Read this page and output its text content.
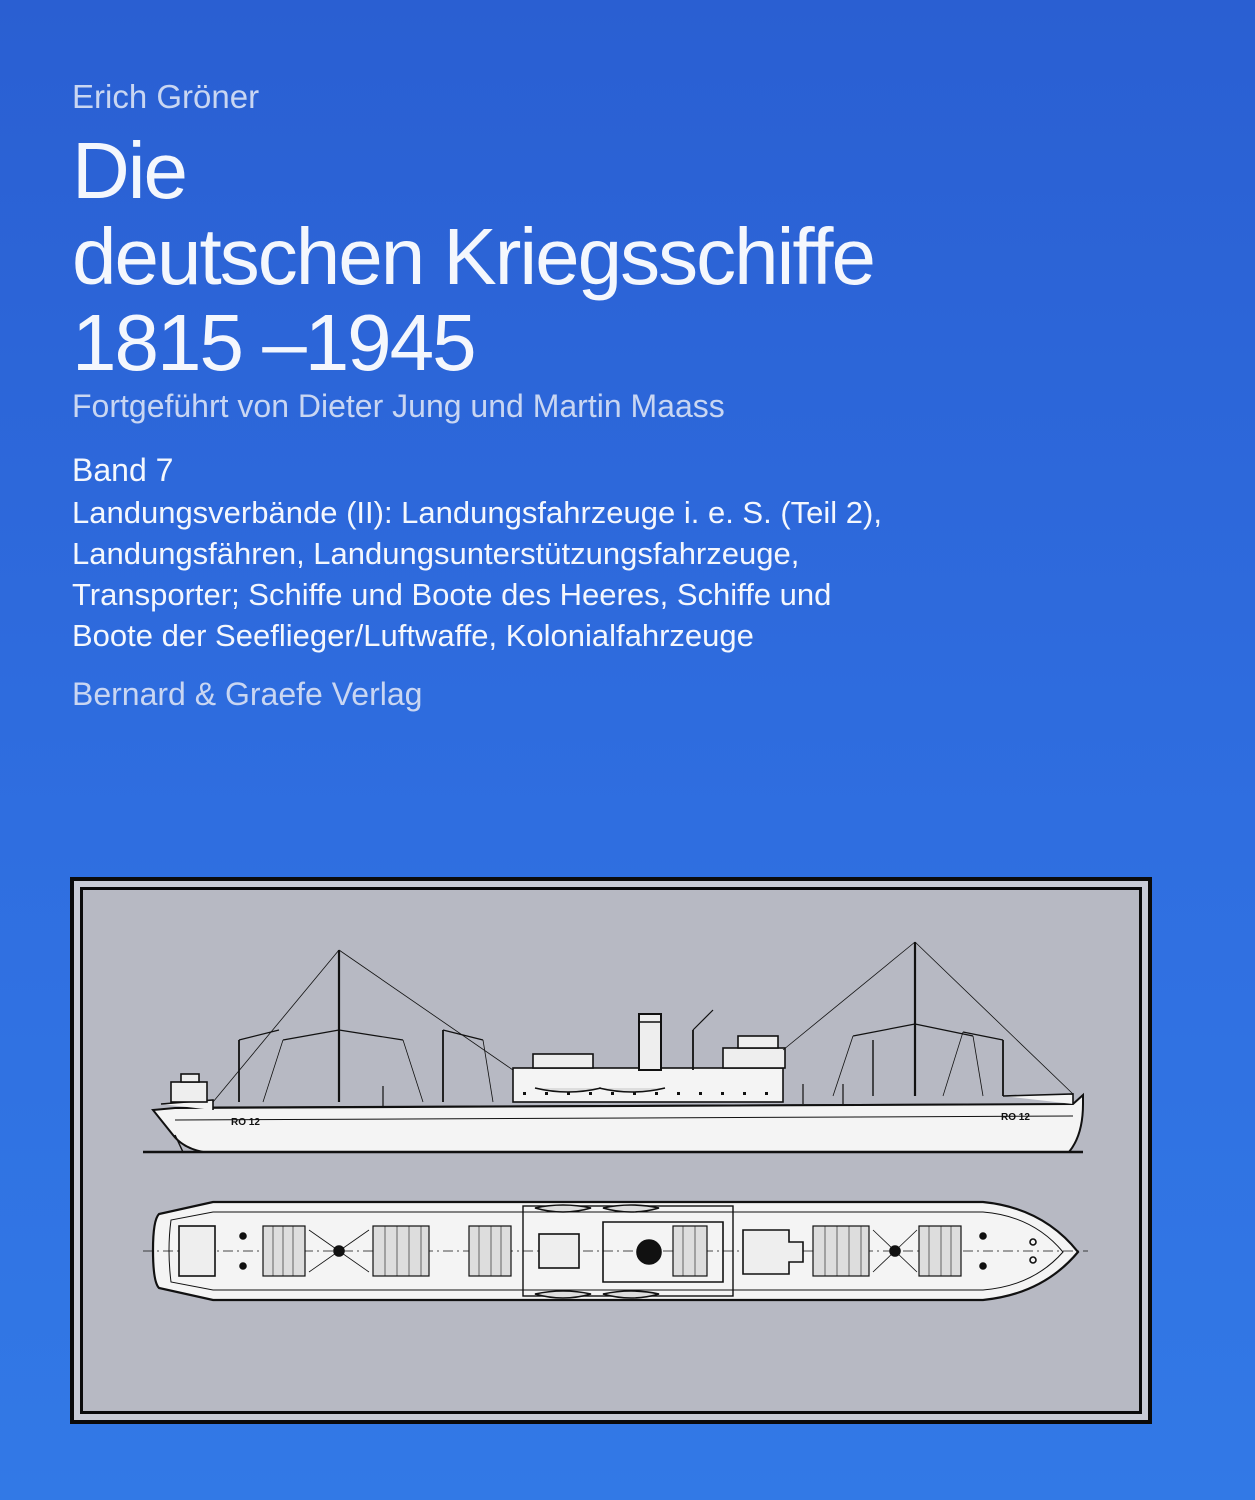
Erich Gröner
Die
deutschen Kriegsschiffe
1815 –1945
Fortgeführt von Dieter Jung und Martin Maass
Band 7
Landungsverbände (II): Landungsfahrzeuge i. e. S. (Teil 2),
Landungsfähren, Landungsunterstützungsfahrzeuge,
Transporter; Schiffe und Boote des Heeres, Schiffe und
Boote der Seeflieger/Luftwaffe, Kolonialfahrzeuge
Bernard & Graefe Verlag
RO 12	RO 12
